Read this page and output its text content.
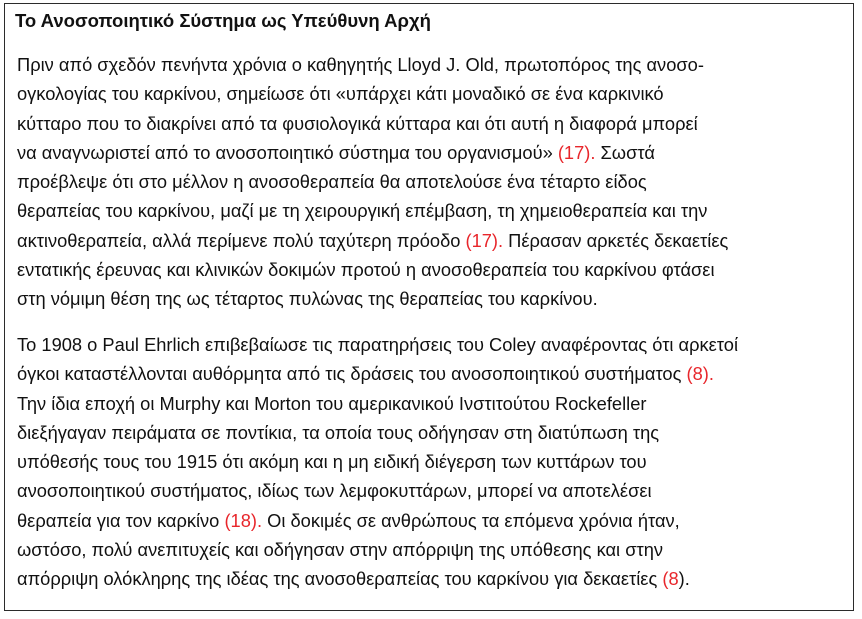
Το Ανοσοποιητικό Σύστημα ως Υπεύθυνη Αρχή

Πριν από σχεδόν πενήντα χρόνια ο καθηγητής Lloyd J. Old, πρωτοπόρος της ανοσο-
ογκολογίας του καρκίνου, σημείωσε ότι «υπάρχει κάτι μοναδικό σε ένα καρκινικό
κύτταρο που το διακρίνει από τα φυσιολογικά κύτταρα και ότι αυτή η διαφορά μπορεί
να αναγνωριστεί από το ανοσοποιητικό σύστημα του οργανισμού» (17). Σωστά
προέβλεψε ότι στο μέλλον η ανοσοθεραπεία θα αποτελούσε ένα τέταρτο είδος
θεραπείας του καρκίνου, μαζί με τη χειρουργική επέμβαση, τη χημειοθεραπεία και την
ακτινοθεραπεία, αλλά περίμενε πολύ ταχύτερη πρόοδο (17). Πέρασαν αρκετές δεκαετίες
εντατικής έρευνας και κλινικών δοκιμών προτού η ανοσοθεραπεία του καρκίνου φτάσει
στη νόμιμη θέση της ως τέταρτος πυλώνας της θεραπείας του καρκίνου.

Το 1908 ο Paul Ehrlich επιβεβαίωσε τις παρατηρήσεις του Coley αναφέροντας ότι αρκετοί
όγκοι καταστέλλονται αυθόρμητα από τις δράσεις του ανοσοποιητικού συστήματος (8).
Την ίδια εποχή οι Murphy και Morton του αμερικανικού Ινστιτούτου Rockefeller
διεξήγαγαν πειράματα σε ποντίκια, τα οποία τους οδήγησαν στη διατύπωση της
υπόθεσής τους του 1915 ότι ακόμη και η μη ειδική διέγερση των κυττάρων του
ανοσοποιητικού συστήματος, ιδίως των λεμφοκυττάρων, μπορεί να αποτελέσει
θεραπεία για τον καρκίνο (18). Οι δοκιμές σε ανθρώπους τα επόμενα χρόνια ήταν,
ωστόσο, πολύ ανεπιτυχείς και οδήγησαν στην απόρριψη της υπόθεσης και στην
απόρριψη ολόκληρης της ιδέας της ανοσοθεραπείας του καρκίνου για δεκαετίες (8).
